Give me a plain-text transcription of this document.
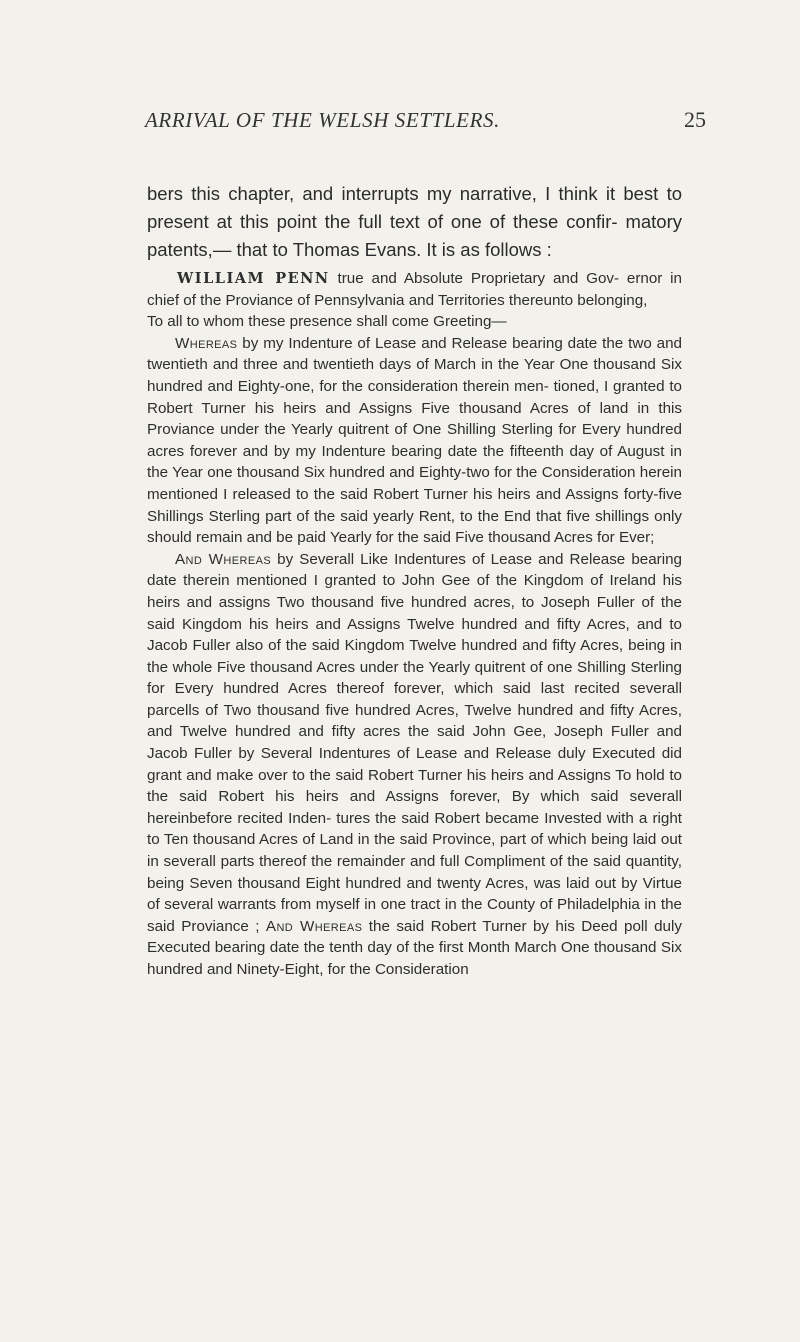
ARRIVAL OF THE WELSH SETTLERS.	25

bers this chapter, and interrupts my narrative, I think it best to present at this point the full text of one of these confir- matory patents,— that to Thomas Evans. It is as follows :

WILLIAM PENN true and Absolute Proprietary and Gov- ernor in chief of the Proviance of Pennsylvania and Territories thereunto belonging,

To all to whom these presence shall come Greeting—

Whereas by my Indenture of Lease and Release bearing date the two and twentieth and three and twentieth days of March in the Year One thousand Six hundred and Eighty-one, for the consideration therein men- tioned, I granted to Robert Turner his heirs and Assigns Five thousand Acres of land in this Proviance under the Yearly quitrent of One Shilling Sterling for Every hundred acres forever and by my Indenture bearing date the fifteenth day of August in the Year one thousand Six hundred and Eighty-two for the Consideration herein mentioned I released to the said Robert Turner his heirs and Assigns forty-five Shillings Sterling part of the said yearly Rent, to the End that five shillings only should remain and be paid Yearly for the said Five thousand Acres for Ever;

And Whereas by Severall Like Indentures of Lease and Release bearing date therein mentioned I granted to John Gee of the Kingdom of Ireland his heirs and assigns Two thousand five hundred acres, to Joseph Fuller of the said Kingdom his heirs and Assigns Twelve hundred and fifty Acres, and to Jacob Fuller also of the said Kingdom Twelve hundred and fifty Acres, being in the whole Five thousand Acres under the Yearly quitrent of one Shilling Sterling for Every hundred Acres thereof forever, which said last recited severall parcells of Two thousand five hundred Acres, Twelve hundred and fifty Acres, and Twelve hundred and fifty acres the said John Gee, Joseph Fuller and Jacob Fuller by Several Indentures of Lease and Release duly Executed did grant and make over to the said Robert Turner his heirs and Assigns To hold to the said Robert his heirs and Assigns forever, By which said severall hereinbefore recited Inden- tures the said Robert became Invested with a right to Ten thousand Acres of Land in the said Province, part of which being laid out in severall parts thereof the remainder and full Compliment of the said quantity, being Seven thousand Eight hundred and twenty Acres, was laid out by Virtue of several warrants from myself in one tract in the County of Philadelphia in the said Proviance ; And Whereas the said Robert Turner by his Deed poll duly Executed bearing date the tenth day of the first Month March One thousand Six hundred and Ninety-Eight, for the Consideration
